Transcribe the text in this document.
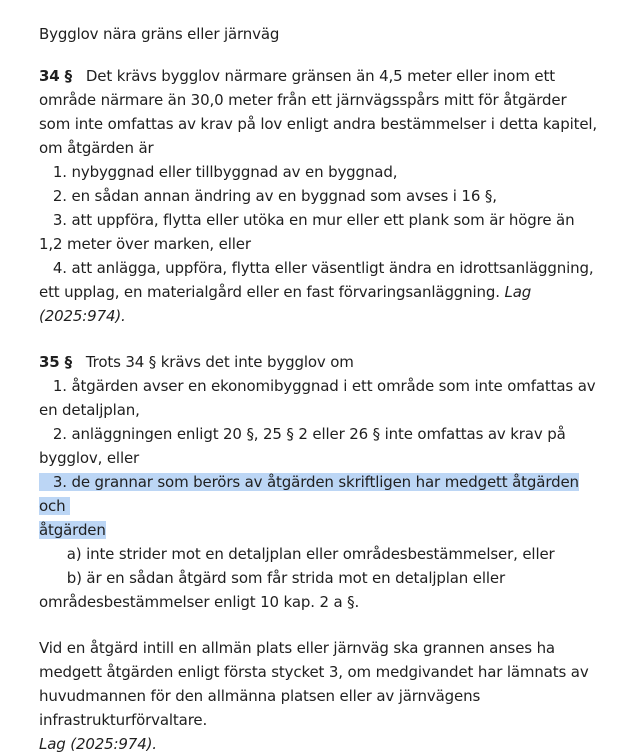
Bygglov nära gräns eller järnväg

34 § Det krävs bygglov närmare gränsen än 4,5 meter eller inom ett område närmare än 30,0 meter från ett järnvägsspårs mitt för åtgärder som inte omfattas av krav på lov enligt andra bestämmelser i detta kapitel, om åtgärden är

1. nybyggnad eller tillbyggnad av en byggnad,

2. en sådan annan ändring av en byggnad som avses i 16 §,

3. att uppföra, flytta eller utöka en mur eller ett plank som är högre än 1,2 meter över marken, eller

4. att anlägga, uppföra, flytta eller väsentligt ändra en idrottsanläggning, ett upplag, en materialgård eller en fast förvaringsanläggning. Lag (2025:974).

35 § Trots 34 § krävs det inte bygglov om

1. åtgärden avser en ekonomibyggnad i ett område som inte omfattas av en detaljplan,

2. anläggningen enligt 20 §, 25 § 2 eller 26 § inte omfattas av krav på bygglov, eller

3. de grannar som berörs av åtgärden skriftligen har medgett åtgärden och
åtgärden

a) inte strider mot en detaljplan eller områdesbestämmelser, eller

b) är en sådan åtgärd som får strida mot en detaljplan eller områdesbestämmelser enligt 10 kap. 2 a §.

Vid en åtgärd intill en allmän plats eller järnväg ska grannen anses ha medgett åtgärden enligt första stycket 3, om medgivandet har lämnats av huvudmannen för den allmänna platsen eller av järnvägens infrastrukturförvaltare.
Lag (2025:974).
